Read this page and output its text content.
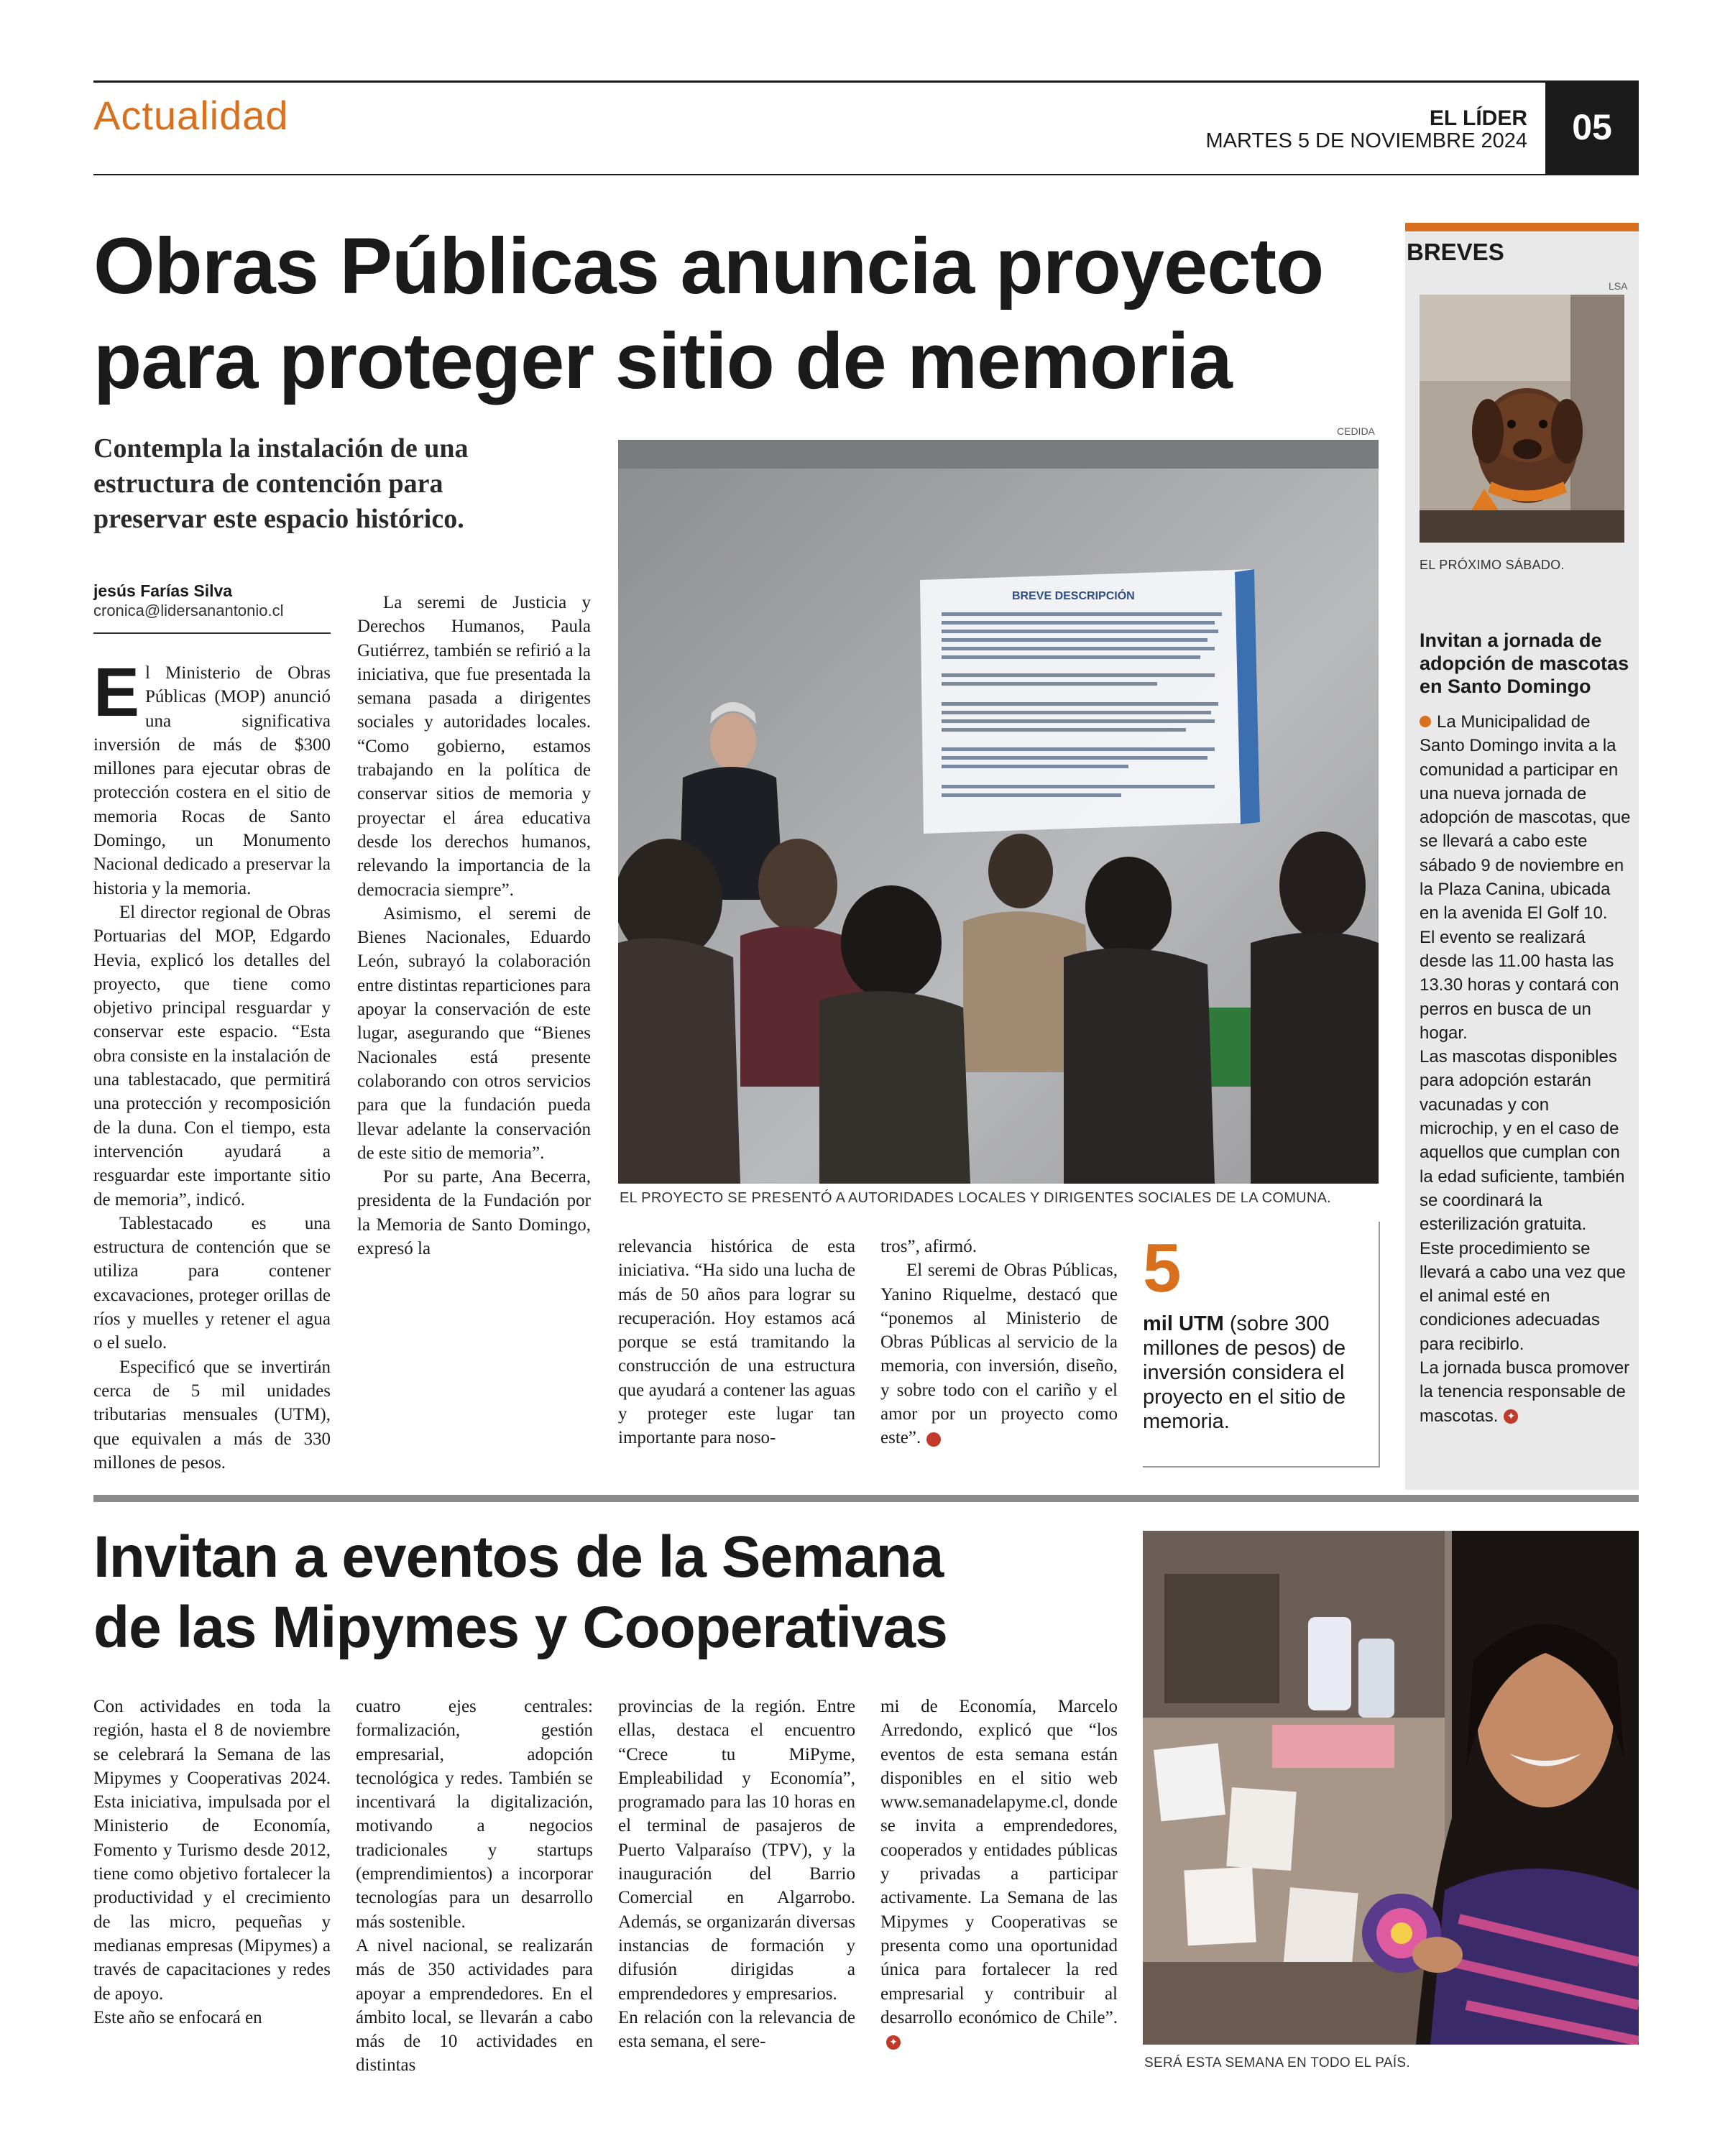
Actualidad	EL LÍDER
MARTES 5 DE NOVIEMBRE 2024	05
Obras Públicas anuncia proyecto
para proteger sitio de memoria
Contempla la instalación de una estructura de contención para preservar este espacio histórico.
jesús Farías Silva
cronica@lidersanantonio.cl

El Ministerio de Obras Públicas (MOP) anunció una significativa inversión de más de $300 millones para ejecutar obras de protección costera en el sitio de memoria Rocas de Santo Domingo, un Monumento Nacional dedicado a preservar la historia y la memoria.

El director regional de Obras Portuarias del MOP, Edgardo Hevia, explicó los detalles del proyecto, que tiene como objetivo principal resguardar y conservar este espacio. “Esta obra consiste en la instalación de una tablestacado, que permitirá una protección y recomposición de la duna. Con el tiempo, esta intervención ayudará a resguardar este importante sitio de memoria”, indicó.

Tablestacado es una estructura de contención que se utiliza para contener excavaciones, proteger orillas de ríos y muelles y retener el agua o el suelo.

Especificó que se invertirán cerca de 5 mil unidades tributarias mensuales (UTM), que equivalen a más de 330 millones de pesos.

La seremi de Justicia y Derechos Humanos, Paula Gutiérrez, también se refirió a la iniciativa, que fue presentada la semana pasada a dirigentes sociales y autoridades locales. “Como gobierno, estamos trabajando en la política de conservar sitios de memoria y proyectar el área educativa desde los derechos humanos, relevando la importancia de la democracia siempre”.

Asimismo, el seremi de Bienes Nacionales, Eduardo León, subrayó la colaboración entre distintas reparticiones para apoyar la conservación de este lugar, asegurando que “Bienes Nacionales está presente colaborando con otros servicios para que la fundación pueda llevar adelante la conservación de este sitio de memoria”.

Por su parte, Ana Becerra, presidenta de la Fundación por la Memoria de Santo Domingo, expresó la

CEDIDA
BREVE DESCRIPCIÓN
EL PROYECTO SE PRESENTÓ A AUTORIDADES LOCALES Y DIRIGENTES SOCIALES DE LA COMUNA.

relevancia histórica de esta iniciativa. “Ha sido una lucha de más de 50 años para lograr su recuperación. Hoy estamos acá porque se está tramitando la construcción de una estructura que ayudará a contener las aguas y proteger este lugar tan importante para noso-

tros”, afirmó.

El seremi de Obras Públicas, Yanino Riquelme, destacó que “ponemos al Ministerio de Obras Públicas al servicio de la memoria, con inversión, diseño, y sobre todo con el cariño y el amor por un proyecto como este”.	✦

5
mil UTM (sobre 300 millones de pesos) de inversión considera el proyecto en el sitio de memoria.
BREVES
LSA
EL PRÓXIMO SÁBADO.
Invitan a jornada de adopción de mascotas en Santo Domingo
La Municipalidad de Santo Domingo invita a la comunidad a participar en una nueva jornada de adopción de mascotas, que se llevará a cabo este sábado 9 de noviembre en la Plaza Canina, ubicada en la avenida El Golf 10.
El evento se realizará desde las 11.00 hasta las 13.30 horas y contará con perros en busca de un hogar.
Las mascotas disponibles para adopción estarán vacunadas y con microchip, y en el caso de aquellos que cumplan con la edad suficiente, también se coordinará la esterilización gratuita.
Este procedimiento se llevará a cabo una vez que el animal esté en condiciones adecuadas para recibirlo.
La jornada busca promover la tenencia responsable de mascotas. ✦
Invitan a eventos de la Semana
de las Mipymes y Cooperativas

Con actividades en toda la región, hasta el 8 de noviembre se celebrará la Semana de las Mipymes y Cooperativas 2024. Esta iniciativa, impulsada por el Ministerio de Economía, Fomento y Turismo desde 2012, tiene como objetivo fortalecer la productividad y el crecimiento de las micro, pequeñas y medianas empresas (Mipymes) a través de capacitaciones y redes de apoyo.

Este año se enfocará en

cuatro ejes centrales: formalización, gestión empresarial, adopción tecnológica y redes. También se incentivará la digitalización, motivando a negocios tradicionales y startups (emprendimientos) a incorporar tecnologías para un desarrollo más sostenible.

A nivel nacional, se realizarán más de 350 actividades para apoyar a emprendedores. En el ámbito local, se llevarán a cabo más de 10 actividades en distintas

provincias de la región. Entre ellas, destaca el encuentro “Crece tu MiPyme, Empleabilidad y Economía”, programado para las 10 horas en el terminal de pasajeros de Puerto Valparaíso (TPV), y la inauguración del Barrio Comercial en Algarrobo. Además, se organizarán diversas instancias de formación y difusión dirigidas a emprendedores y empresarios.

En relación con la relevancia de esta semana, el sere-

mi de Economía, Marcelo Arredondo, explicó que “los eventos de esta semana están disponibles en el sitio web www.semanadelapyme.cl, donde se invita a emprendedores, cooperados y entidades públicas y privadas a participar activamente. La Semana de las Mipymes y Cooperativas se presenta como una oportunidad única para fortalecer la red empresarial y contribuir al desarrollo económico de Chile”.✦

SERÁ ESTA SEMANA EN TODO EL PAÍS.
